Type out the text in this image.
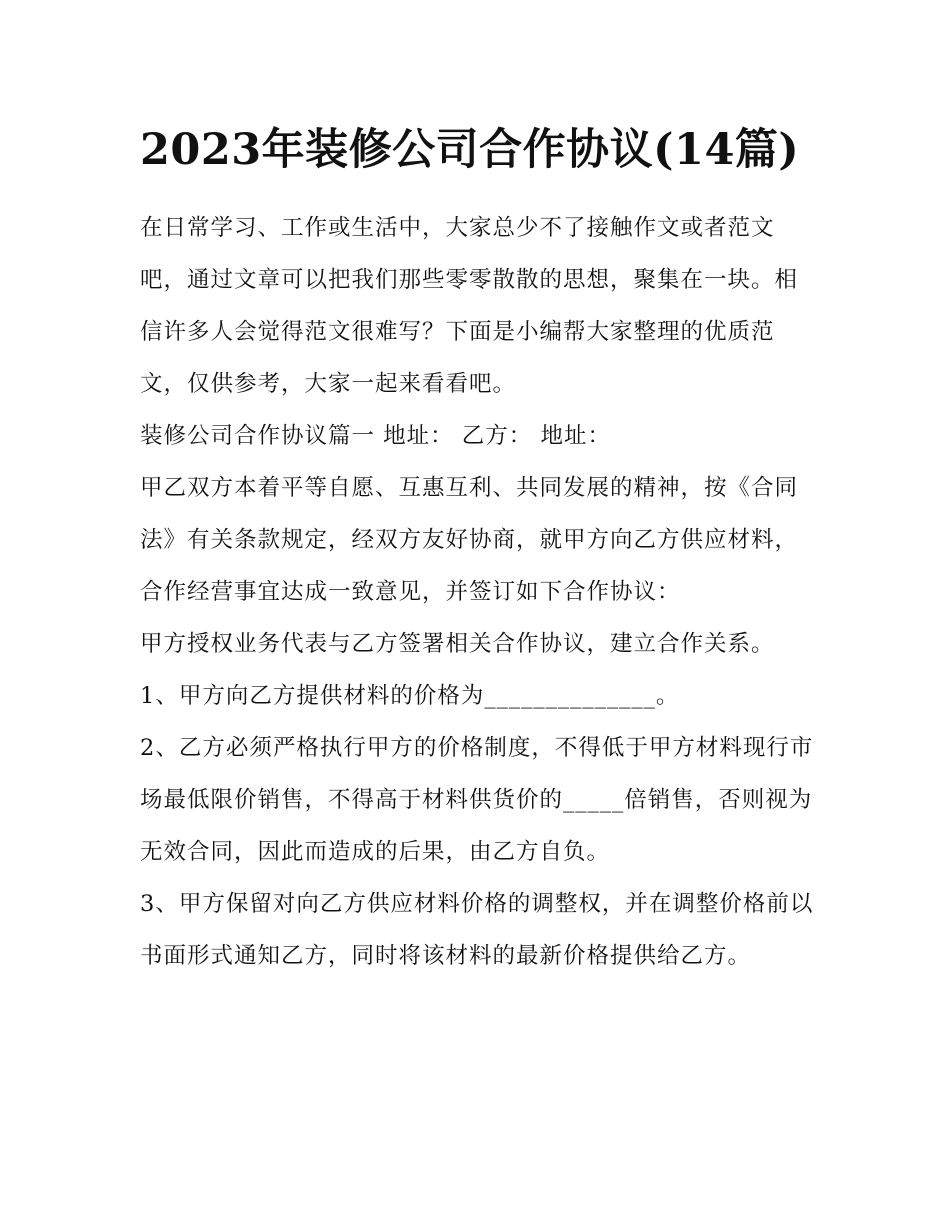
2023年装修公司合作协议(14篇)

在日常学习、工作或生活中，大家总少不了接触作文或者范文吧，通过文章可以把我们那些零零散散的思想，聚集在一块。相信许多人会觉得范文很难写？下面是小编帮大家整理的优质范文，仅供参考，大家一起来看看吧。

装修公司合作协议篇一 地址： 乙方： 地址：

甲乙双方本着平等自愿、互惠互利、共同发展的精神，按《合同法》有关条款规定，经双方友好协商，就甲方向乙方供应材料，合作经营事宜达成一致意见，并签订如下合作协议：

甲方授权业务代表与乙方签署相关合作协议，建立合作关系。

1、甲方向乙方提供材料的价格为______________。

2、乙方必须严格执行甲方的价格制度，不得低于甲方材料现行市场最低限价销售，不得高于材料供货价的_____倍销售，否则视为无效合同，因此而造成的后果，由乙方自负。

3、甲方保留对向乙方供应材料价格的调整权，并在调整价格前以书面形式通知乙方，同时将该材料的最新价格提供给乙方。
